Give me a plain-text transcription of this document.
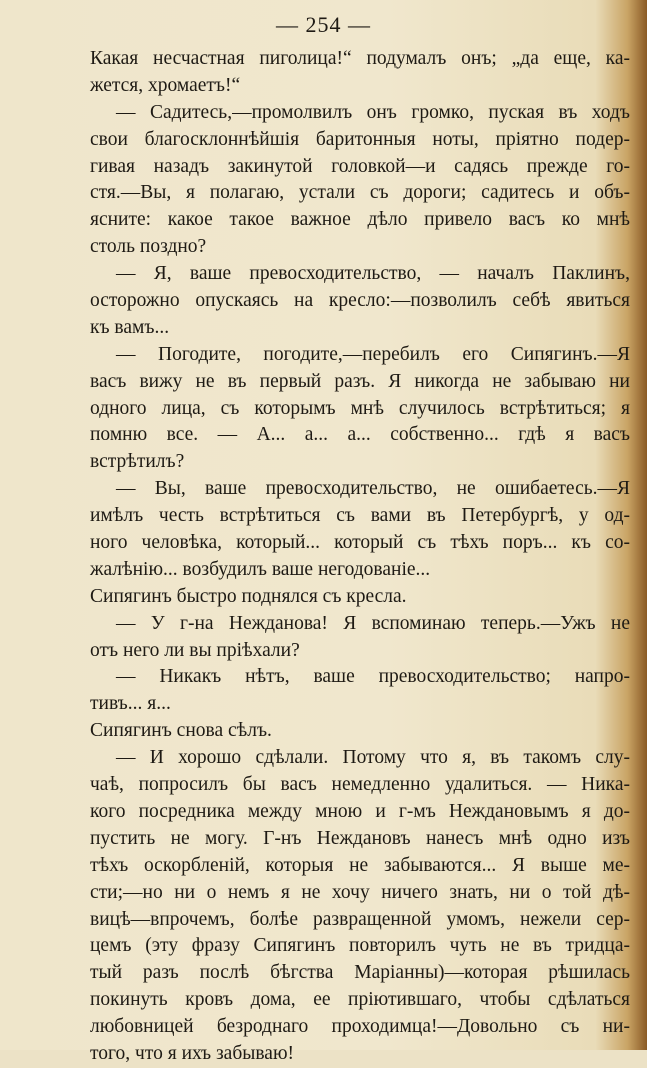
— 254 —
Какая несчастная пиголица!“ подумалъ онъ; „да еще, ка-
жется, хромаетъ!“
— Садитесь,—промолвилъ онъ громко, пуская въ ходъ
свои благосклоннѣйшія баритонныя ноты, пріятно подер-
гивая назадъ закинутой головкой—и садясь прежде го-
стя.—Вы, я полагаю, устали съ дороги; садитесь и объ-
ясните: какое такое важное дѣло привело васъ ко мнѣ
столь поздно?
— Я, ваше превосходительство, — началъ Паклинъ,
осторожно опускаясь на кресло:—позволилъ себѣ явиться
къ вамъ...
— Погодите, погодите,—перебилъ его Сипягинъ.—Я
васъ вижу не въ первый разъ. Я никогда не забываю ни
одного лица, съ которымъ мнѣ случилось встрѣтиться; я
помню все. — А... а... а... собственно... гдѣ я васъ
встрѣтилъ?
— Вы, ваше превосходительство, не ошибаетесь.—Я
имѣлъ честь встрѣтиться съ вами въ Петербургѣ, у од-
ного человѣка, который... который съ тѣхъ поръ... къ со-
жалѣнію... возбудилъ ваше негодованіе...
Сипягинъ быстро поднялся съ кресла.
— У г-на Нежданова! Я вспоминаю теперь.—Ужъ не
отъ него ли вы пріѣхали?
— Никакъ нѣтъ, ваше превосходительство; напро-
тивъ... я...
Сипягинъ снова сѣлъ.
— И хорошо сдѣлали. Потому что я, въ такомъ слу-
чаѣ, попросилъ бы васъ немедленно удалиться. — Ника-
кого посредника между мною и г-мъ Неждановымъ я до-
пустить не могу. Г-нъ Неждановъ нанесъ мнѣ одно изъ
тѣхъ оскорбленій, которыя не забываются... Я выше ме-
сти;—но ни о немъ я не хочу ничего знать, ни о той дѣ-
вицѣ—впрочемъ, болѣе развращенной умомъ, нежели сер-
цемъ (эту фразу Сипягинъ повторилъ чуть не въ тридца-
тый разъ послѣ бѣгства Маріанны)—которая рѣшилась
покинуть кровъ дома, ее пріютившаго, чтобы сдѣлаться
любовницей безроднаго проходимца!—Довольно съ ни-
того, что я ихъ забываю!
